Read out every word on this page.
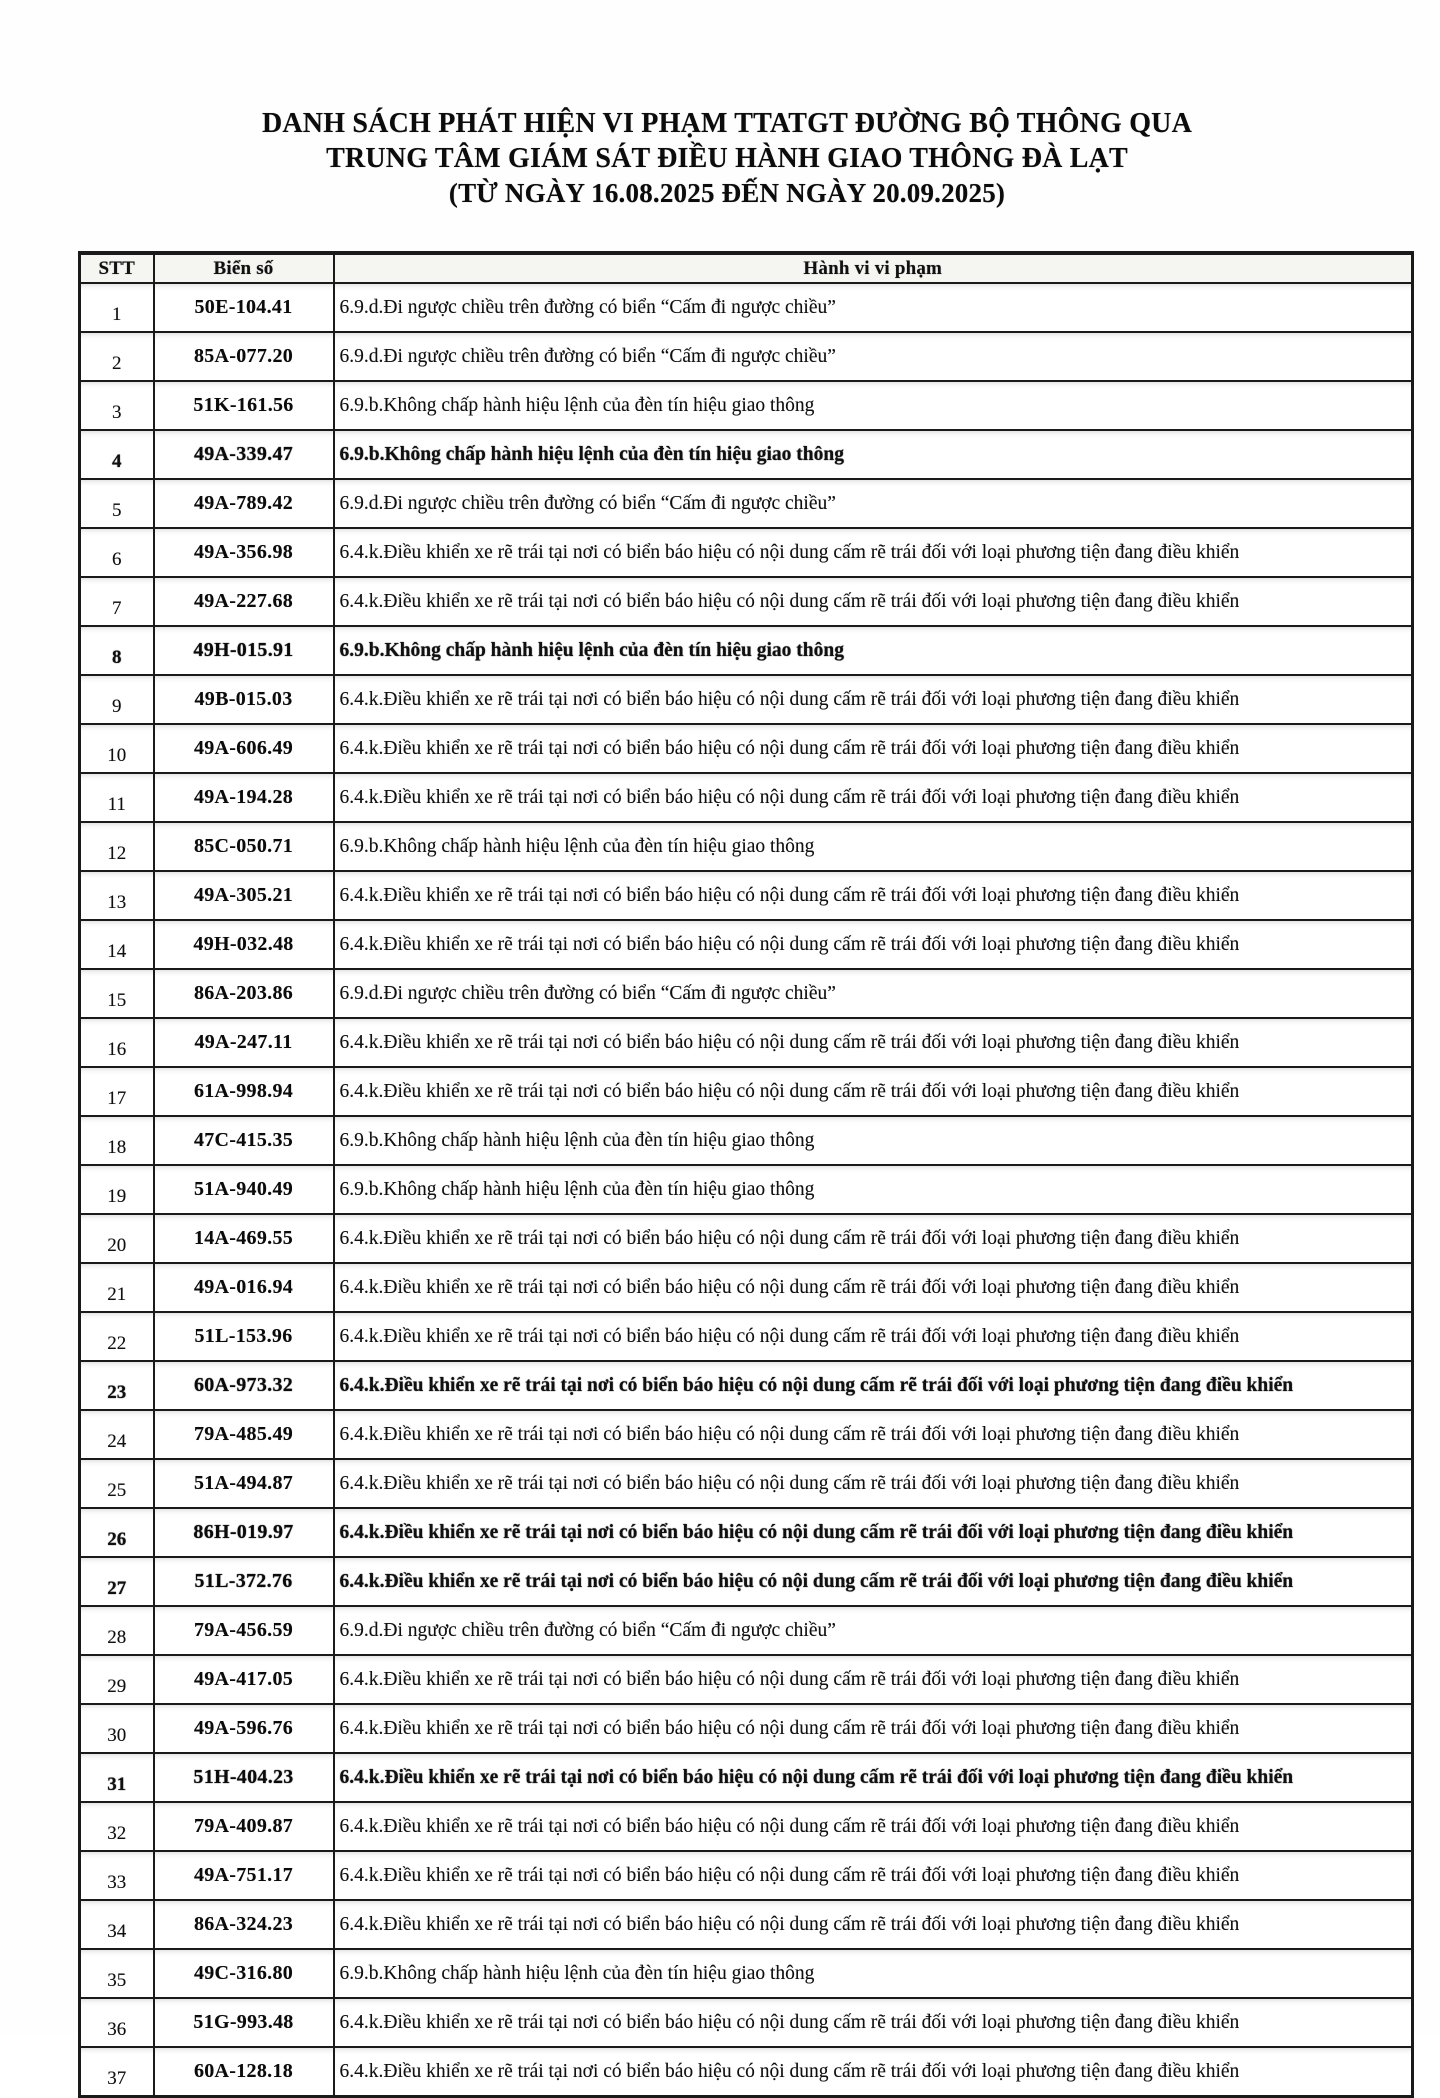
DANH SÁCH PHÁT HIỆN VI PHẠM TTATGT ĐƯỜNG BỘ THÔNG QUA
TRUNG TÂM GIÁM SÁT ĐIỀU HÀNH GIAO THÔNG ĐÀ LẠT
(TỪ NGÀY 16.08.2025 ĐẾN NGÀY 20.09.2025)
STT	Biển số	Hành vi vi phạm
1	50E-104.41	6.9.d.Đi ngược chiều trên đường có biển “Cấm đi ngược chiều”
2	85A-077.20	6.9.d.Đi ngược chiều trên đường có biển “Cấm đi ngược chiều”
3	51K-161.56	6.9.b.Không chấp hành hiệu lệnh của đèn tín hiệu giao thông
4	49A-339.47	6.9.b.Không chấp hành hiệu lệnh của đèn tín hiệu giao thông
5	49A-789.42	6.9.d.Đi ngược chiều trên đường có biển “Cấm đi ngược chiều”
6	49A-356.98	6.4.k.Điều khiển xe rẽ trái tại nơi có biển báo hiệu có nội dung cấm rẽ trái đối với loại phương tiện đang điều khiển
7	49A-227.68	6.4.k.Điều khiển xe rẽ trái tại nơi có biển báo hiệu có nội dung cấm rẽ trái đối với loại phương tiện đang điều khiển
8	49H-015.91	6.9.b.Không chấp hành hiệu lệnh của đèn tín hiệu giao thông
9	49B-015.03	6.4.k.Điều khiển xe rẽ trái tại nơi có biển báo hiệu có nội dung cấm rẽ trái đối với loại phương tiện đang điều khiển
10	49A-606.49	6.4.k.Điều khiển xe rẽ trái tại nơi có biển báo hiệu có nội dung cấm rẽ trái đối với loại phương tiện đang điều khiển
11	49A-194.28	6.4.k.Điều khiển xe rẽ trái tại nơi có biển báo hiệu có nội dung cấm rẽ trái đối với loại phương tiện đang điều khiển
12	85C-050.71	6.9.b.Không chấp hành hiệu lệnh của đèn tín hiệu giao thông
13	49A-305.21	6.4.k.Điều khiển xe rẽ trái tại nơi có biển báo hiệu có nội dung cấm rẽ trái đối với loại phương tiện đang điều khiển
14	49H-032.48	6.4.k.Điều khiển xe rẽ trái tại nơi có biển báo hiệu có nội dung cấm rẽ trái đối với loại phương tiện đang điều khiển
15	86A-203.86	6.9.d.Đi ngược chiều trên đường có biển “Cấm đi ngược chiều”
16	49A-247.11	6.4.k.Điều khiển xe rẽ trái tại nơi có biển báo hiệu có nội dung cấm rẽ trái đối với loại phương tiện đang điều khiển
17	61A-998.94	6.4.k.Điều khiển xe rẽ trái tại nơi có biển báo hiệu có nội dung cấm rẽ trái đối với loại phương tiện đang điều khiển
18	47C-415.35	6.9.b.Không chấp hành hiệu lệnh của đèn tín hiệu giao thông
19	51A-940.49	6.9.b.Không chấp hành hiệu lệnh của đèn tín hiệu giao thông
20	14A-469.55	6.4.k.Điều khiển xe rẽ trái tại nơi có biển báo hiệu có nội dung cấm rẽ trái đối với loại phương tiện đang điều khiển
21	49A-016.94	6.4.k.Điều khiển xe rẽ trái tại nơi có biển báo hiệu có nội dung cấm rẽ trái đối với loại phương tiện đang điều khiển
22	51L-153.96	6.4.k.Điều khiển xe rẽ trái tại nơi có biển báo hiệu có nội dung cấm rẽ trái đối với loại phương tiện đang điều khiển
23	60A-973.32	6.4.k.Điều khiển xe rẽ trái tại nơi có biển báo hiệu có nội dung cấm rẽ trái đối với loại phương tiện đang điều khiển
24	79A-485.49	6.4.k.Điều khiển xe rẽ trái tại nơi có biển báo hiệu có nội dung cấm rẽ trái đối với loại phương tiện đang điều khiển
25	51A-494.87	6.4.k.Điều khiển xe rẽ trái tại nơi có biển báo hiệu có nội dung cấm rẽ trái đối với loại phương tiện đang điều khiển
26	86H-019.97	6.4.k.Điều khiển xe rẽ trái tại nơi có biển báo hiệu có nội dung cấm rẽ trái đối với loại phương tiện đang điều khiển
27	51L-372.76	6.4.k.Điều khiển xe rẽ trái tại nơi có biển báo hiệu có nội dung cấm rẽ trái đối với loại phương tiện đang điều khiển
28	79A-456.59	6.9.d.Đi ngược chiều trên đường có biển “Cấm đi ngược chiều”
29	49A-417.05	6.4.k.Điều khiển xe rẽ trái tại nơi có biển báo hiệu có nội dung cấm rẽ trái đối với loại phương tiện đang điều khiển
30	49A-596.76	6.4.k.Điều khiển xe rẽ trái tại nơi có biển báo hiệu có nội dung cấm rẽ trái đối với loại phương tiện đang điều khiển
31	51H-404.23	6.4.k.Điều khiển xe rẽ trái tại nơi có biển báo hiệu có nội dung cấm rẽ trái đối với loại phương tiện đang điều khiển
32	79A-409.87	6.4.k.Điều khiển xe rẽ trái tại nơi có biển báo hiệu có nội dung cấm rẽ trái đối với loại phương tiện đang điều khiển
33	49A-751.17	6.4.k.Điều khiển xe rẽ trái tại nơi có biển báo hiệu có nội dung cấm rẽ trái đối với loại phương tiện đang điều khiển
34	86A-324.23	6.4.k.Điều khiển xe rẽ trái tại nơi có biển báo hiệu có nội dung cấm rẽ trái đối với loại phương tiện đang điều khiển
35	49C-316.80	6.9.b.Không chấp hành hiệu lệnh của đèn tín hiệu giao thông
36	51G-993.48	6.4.k.Điều khiển xe rẽ trái tại nơi có biển báo hiệu có nội dung cấm rẽ trái đối với loại phương tiện đang điều khiển
37	60A-128.18	6.4.k.Điều khiển xe rẽ trái tại nơi có biển báo hiệu có nội dung cấm rẽ trái đối với loại phương tiện đang điều khiển
